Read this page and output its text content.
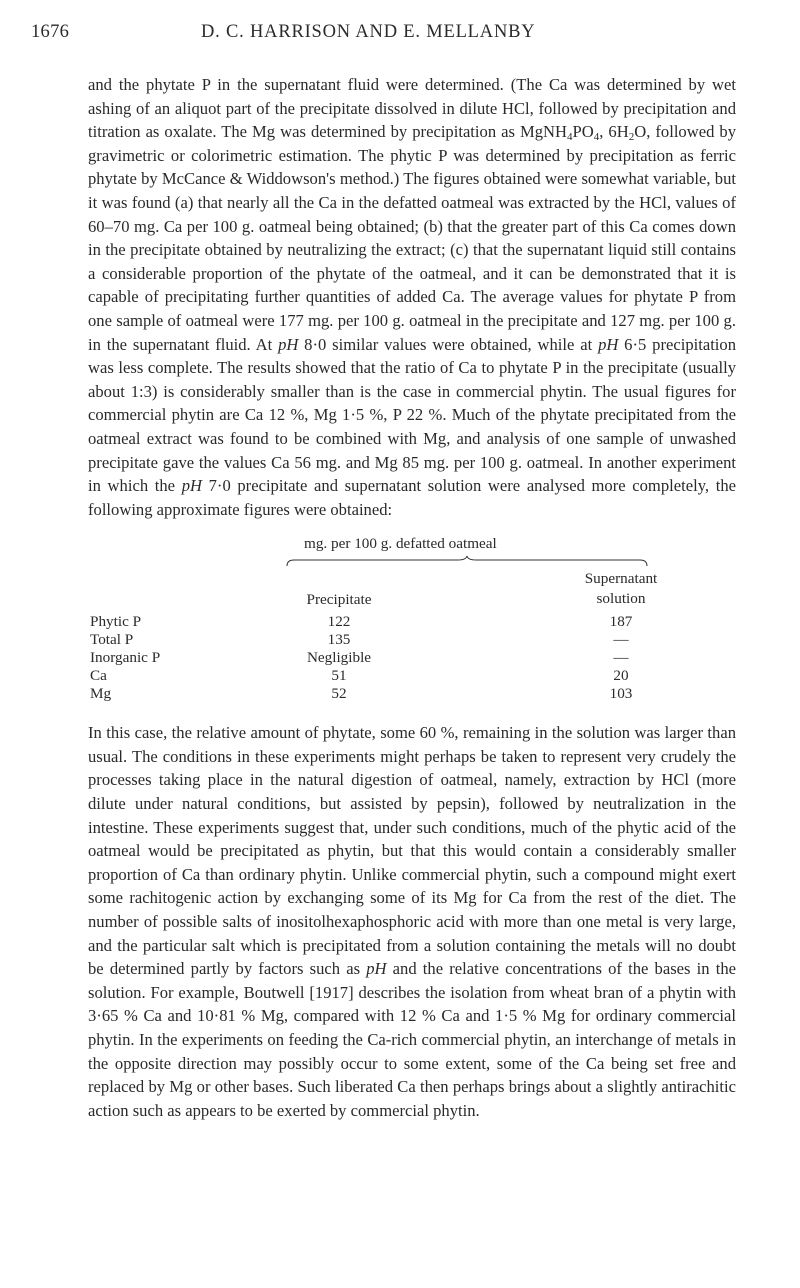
1676	D. C. HARRISON AND E. MELLANBY

and the phytate P in the supernatant fluid were determined. (The Ca was determined by wet ashing of an aliquot part of the precipitate dissolved in dilute HCl, followed by precipitation and titration as oxalate. The Mg was determined by precipitation as $MgNH_4PO_4$, $6H_2O$, followed by gravimetric or colorimetric estimation. The phytic P was determined by precipitation as ferric phytate by McCance & Widdowson's method.) The figures obtained were somewhat variable, but it was found (a) that nearly all the Ca in the defatted oatmeal was extracted by the HCl, values of 60–70 mg. Ca per 100 g. oatmeal being obtained; (b) that the greater part of this Ca comes down in the precipitate obtained by neutralizing the extract; (c) that the supernatant liquid still contains a considerable proportion of the phytate of the oatmeal, and it can be demonstrated that it is capable of precipitating further quantities of added Ca. The average values for phytate P from one sample of oatmeal were 177 mg. per 100 g. oatmeal in the precipitate and 127 mg. per 100 g. in the supernatant fluid. At pH 8·0 similar values were obtained, while at pH 6·5 precipitation was less complete. The results showed that the ratio of Ca to phytate P in the precipitate (usually about 1:3) is considerably smaller than is the case in commercial phytin. The usual figures for commercial phytin are Ca 12 %, Mg 1·5 %, P 22 %. Much of the phytate precipitated from the oatmeal extract was found to be combined with Mg, and analysis of one sample of unwashed precipitate gave the values Ca 56 mg. and Mg 85 mg. per 100 g. oatmeal. In another experiment in which the pH 7·0 precipitate and supernatant solution were analysed more completely, the following approximate figures were obtained:

mg. per 100 g. defatted oatmeal
Precipitate
Supernatant
solution
Phytic P	122	187
Total P	135	—
Inorganic P	Negligible	—
Ca	51	20
Mg	52	103

In this case, the relative amount of phytate, some 60 %, remaining in the solution was larger than usual. The conditions in these experiments might perhaps be taken to represent very crudely the processes taking place in the natural digestion of oatmeal, namely, extraction by HCl (more dilute under natural conditions, but assisted by pepsin), followed by neutralization in the intestine. These experiments suggest that, under such conditions, much of the phytic acid of the oatmeal would be precipitated as phytin, but that this would contain a considerably smaller proportion of Ca than ordinary phytin. Unlike commercial phytin, such a compound might exert some rachitogenic action by exchanging some of its Mg for Ca from the rest of the diet. The number of possible salts of inositolhexaphosphoric acid with more than one metal is very large, and the particular salt which is precipitated from a solution containing the metals will no doubt be determined partly by factors such as pH and the relative concentrations of the bases in the solution. For example, Boutwell [1917] describes the isolation from wheat bran of a phytin with 3·65 % Ca and 10·81 % Mg, compared with 12 % Ca and 1·5 % Mg for ordinary commercial phytin. In the experiments on feeding the Ca-rich commercial phytin, an interchange of metals in the opposite direction may possibly occur to some extent, some of the Ca being set free and replaced by Mg or other bases. Such liberated Ca then perhaps brings about a slightly antirachitic action such as appears to be exerted by commercial phytin.
